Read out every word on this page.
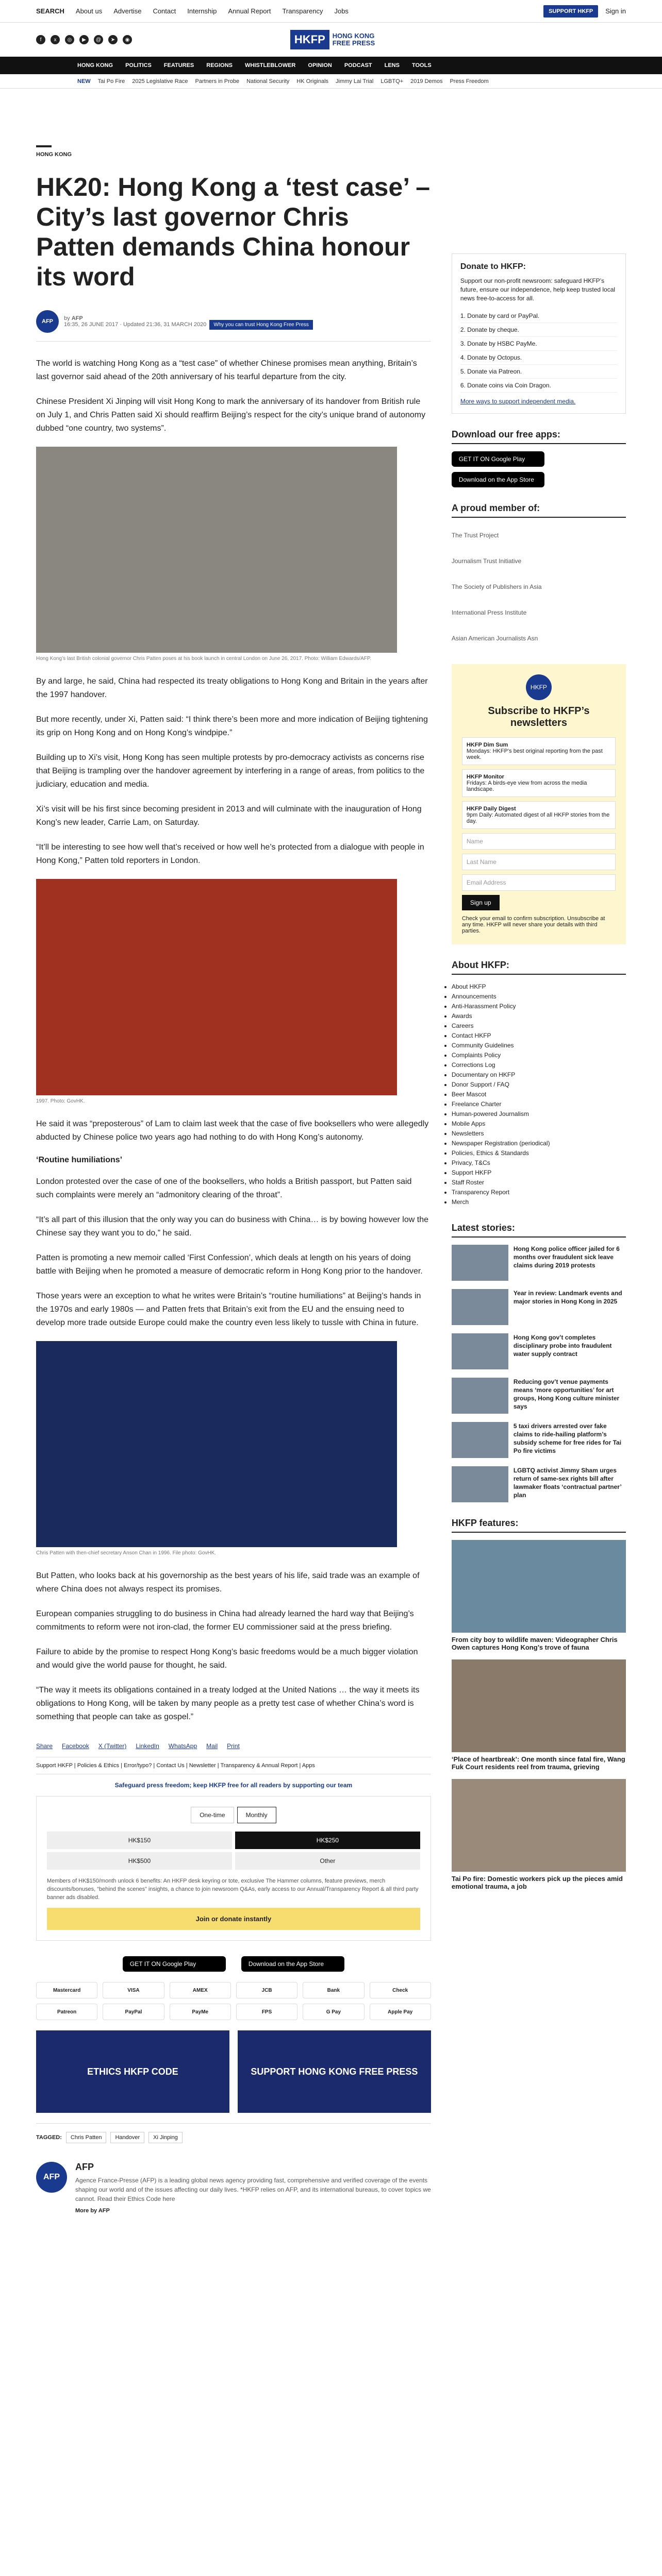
SEARCH About us Advertise Contact Internship Annual Report Transparency Jobs	SUPPORT HKFP	Sign in
f	x	◎	▶	@	➤	◉	HKFP	HONG KONG
FREE PRESS
HONG KONG POLITICS FEATURES REGIONS WHISTLEBLOWER OPINION PODCAST LENS TOOLS
NEW Tai Po Fire 2025 Legislative Race Partners in Probe National Security HK Originals Jimmy Lai Trial LGBTQ+ 2019 Demos Press Freedom
HONG KONG
HK20: Hong Kong a ‘test case’ – City’s last governor Chris Patten demands China honour its word
AFP	by AFP
16:35, 26 JUNE 2017 · Updated 21:36, 31 MARCH 2020 Why you can trust Hong Kong Free Press

The world is watching Hong Kong as a “test case” of whether Chinese promises mean anything, Britain’s last governor said ahead of the 20th anniversary of his tearful departure from the city.

Chinese President Xi Jinping will visit Hong Kong to mark the anniversary of its handover from British rule on July 1, and Chris Patten said Xi should reaffirm Beijing’s respect for the city’s unique brand of autonomy dubbed “one country, two systems”.

Hong Kong’s last British colonial governor Chris Patten poses at his book launch in central London on June 26, 2017. Photo: William Edwards/AFP.

By and large, he said, China had respected its treaty obligations to Hong Kong and Britain in the years after the 1997 handover.

But more recently, under Xi, Patten said: “I think there’s been more and more indication of Beijing tightening its grip on Hong Kong and on Hong Kong’s windpipe.”

Building up to Xi’s visit, Hong Kong has seen multiple protests by pro-democracy activists as concerns rise that Beijing is trampling over the handover agreement by interfering in a range of areas, from politics to the judiciary, education and media.

Xi’s visit will be his first since becoming president in 2013 and will culminate with the inauguration of Hong Kong’s new leader, Carrie Lam, on Saturday.

“It’ll be interesting to see how well that’s received or how well he’s protected from a dialogue with people in Hong Kong,” Patten told reporters in London.

1997. Photo: GovHK.

He said it was “preposterous” of Lam to claim last week that the case of five booksellers who were allegedly abducted by Chinese police two years ago had nothing to do with Hong Kong’s autonomy.

‘Routine humiliations’

London protested over the case of one of the booksellers, who holds a British passport, but Patten said such complaints were merely an “admonitory clearing of the throat”.

“It’s all part of this illusion that the only way you can do business with China… is by bowing however low the Chinese say they want you to do,” he said.

Patten is promoting a new memoir called ‘First Confession’, which deals at length on his years of doing battle with Beijing when he promoted a measure of democratic reform in Hong Kong prior to the handover.

Those years were an exception to what he writes were Britain’s “routine humiliations” at Beijing’s hands in the 1970s and early 1980s — and Patten frets that Britain’s exit from the EU and the ensuing need to develop more trade outside Europe could make the country even less likely to tussle with China in future.

Chris Patten with then-chief secretary Anson Chan in 1996. File photo: GovHK.

But Patten, who looks back at his governorship as the best years of his life, said trade was an example of where China does not always respect its promises.

European companies struggling to do business in China had already learned the hard way that Beijing’s commitments to reform were not iron-clad, the former EU commissioner said at the press briefing.

Failure to abide by the promise to respect Hong Kong’s basic freedoms would be a much bigger violation and would give the world pause for thought, he said.

“The way it meets its obligations contained in a treaty lodged at the United Nations … the way it meets its obligations to Hong Kong, will be taken by many people as a pretty test case of whether China’s word is something that people can take as gospel.”

Share Facebook X (Twitter) LinkedIn WhatsApp Mail Print
Support HKFP | Policies & Ethics | Error/typo? | Contact Us | Newsletter | Transparency & Annual Report | Apps
Safeguard press freedom; keep HKFP free for all readers by supporting our team
One-time	Monthly
HK$150	HK$250
HK$500	Other
Members of HK$150/month unlock 6 benefits: An HKFP desk keyring or tote, exclusive The Hammer columns, feature previews, merch discounts/bonuses, “behind the scenes” insights, a chance to join newsroom Q&As, early access to our Annual/Transparency Report & all third party banner ads disabled.
Join or donate instantly
GET IT ON Google Play	Download on the App Store
Mastercard	VISA	AMEX	JCB	Bank	Check
Patreon	PayPal	PayMe	FPS	G Pay	Apple Pay
ETHICS HKFP CODE	SUPPORT HONG KONG FREE PRESS
TAGGED:	Chris Patten	Handover	Xi Jinping
AFP
AFP
Agence France-Presse (AFP) is a leading global news agency providing fast, comprehensive and verified coverage of the events shaping our world and of the issues affecting our daily lives. *HKFP relies on AFP, and its international bureaus, to cover topics we cannot. Read their Ethics Code here
More by AFP
Donate to HKFP:
Support our non-profit newsroom: safeguard HKFP’s future, ensure our independence, help keep trusted local news free-to-access for all.
1. Donate by card or PayPal.
2. Donate by cheque.
3. Donate by HSBC PayMe.
4. Donate by Octopus.
5. Donate via Patreon.
6. Donate coins via Coin Dragon.
More ways to support independent media.
Download our free apps:
GET IT ON Google Play
Download on the App Store
A proud member of:
The Trust Project
Journalism Trust Initiative
The Society of Publishers in Asia
International Press Institute
Asian American Journalists Asn
HKFP
Subscribe to HKFP’s newsletters
HKFP Dim Sum
Mondays: HKFP’s best original reporting from the past week.
HKFP Monitor
Fridays: A birds-eye view from across the media landscape.
HKFP Daily Digest
9pm Daily: Automated digest of all HKFP stories from the day.
Name
Last Name
Email Address
Sign up
Check your email to confirm subscription. Unsubscribe at any time. HKFP will never share your details with third parties.
About HKFP:
• About HKFP
• Announcements
• Anti-Harassment Policy
• Awards
• Careers
• Contact HKFP
• Community Guidelines
• Complaints Policy
• Corrections Log
• Documentary on HKFP
• Donor Support / FAQ
• Beer Mascot
• Freelance Charter
• Human-powered Journalism
• Mobile Apps
• Newsletters
• Newspaper Registration (periodical)
• Policies, Ethics & Standards
• Privacy, T&Cs
• Support HKFP
• Staff Roster
• Transparency Report
• Merch
Latest stories:
Hong Kong police officer jailed for 6 months over fraudulent sick leave claims during 2019 protests
Year in review: Landmark events and major stories in Hong Kong in 2025
Hong Kong gov’t completes disciplinary probe into fraudulent water supply contract
Reducing gov’t venue payments means ‘more opportunities’ for art groups, Hong Kong culture minister says
5 taxi drivers arrested over fake claims to ride-hailing platform’s subsidy scheme for free rides for Tai Po fire victims
LGBTQ activist Jimmy Sham urges return of same-sex rights bill after lawmaker floats ‘contractual partner’ plan
HKFP features:
From city boy to wildlife maven: Videographer Chris Owen captures Hong Kong’s trove of fauna
‘Place of heartbreak’: One month since fatal fire, Wang Fuk Court residents reel from trauma, grieving
Tai Po fire: Domestic workers pick up the pieces amid emotional trauma, a job
